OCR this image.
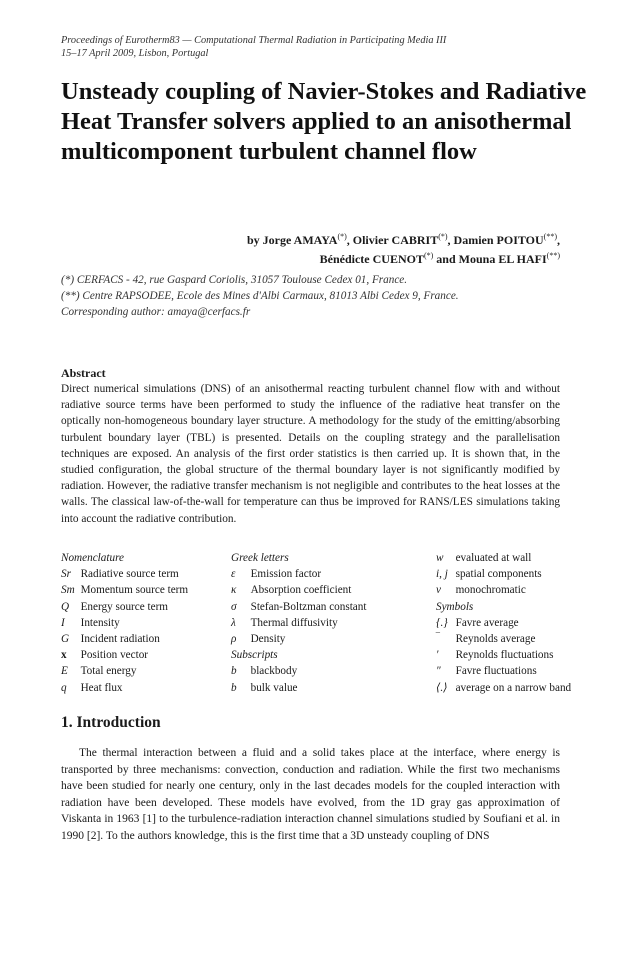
Proceedings of Eurotherm83 — Computational Thermal Radiation in Participating Media III
15–17 April 2009, Lisbon, Portugal
Unsteady coupling of Navier-Stokes and Radiative Heat Transfer solvers applied to an anisothermal multicomponent turbulent channel flow
by Jorge AMAYA(*), Olivier CABRIT(*), Damien POITOU(**),
Bénédicte CUENOT(*) and Mouna EL HAFI(**)
(*) CERFACS - 42, rue Gaspard Coriolis, 31057 Toulouse Cedex 01, France.
(**) Centre RAPSODEE, Ecole des Mines d'Albi Carmaux, 81013 Albi Cedex 9, France.
Corresponding author: amaya@cerfacs.fr
Abstract

Direct numerical simulations (DNS) of an anisothermal reacting turbulent channel flow with and without radiative source terms have been performed to study the influence of the radiative heat transfer on the optically non-homogeneous boundary layer structure. A methodology for the study of the emitting/absorbing turbulent boundary layer (TBL) is presented. Details on the coupling strategy and the parallelisation techniques are exposed. An analysis of the first order statistics is then carried up. It is shown that, in the studied configuration, the global structure of the thermal boundary layer is not significantly modified by radiation. However, the radiative transfer mechanism is not negligible and contributes to the heat losses at the walls. The classical law-of-the-wall for temperature can thus be improved for RANS/LES simulations taking into account the radiative contribution.

Nomenclature
Sr  Radiative source term
Sm  Momentum source term
Q  Energy source term
I  Intensity
G  Incident radiation
x  Position vector
E  Total energy
q  Heat flux
Greek letters
ε  Emission factor
κ  Absorption coefficient
σ  Stefan-Boltzman constant
λ  Thermal diffusivity
ρ  Density
Subscripts
b  blackbody
b  bulk value
w  evaluated at wall
i, j  spatial components
ν  monochromatic
Symbols
{.}  Favre average
‾  Reynolds average
′  Reynolds fluctuations
″  Favre fluctuations
⟨.⟩  average on a narrow band
1. Introduction

The thermal interaction between a fluid and a solid takes place at the interface, where energy is transported by three mechanisms: convection, conduction and radiation. While the first two mechanisms have been studied for nearly one century, only in the last decades models for the coupled interaction with radiation have been developed. These models have evolved, from the 1D gray gas approximation of Viskanta in 1963 [1] to the turbulence-radiation interaction channel simulations studied by Soufiani et al. in 1990 [2]. To the authors knowledge, this is the first time that a 3D unsteady coupling of DNS
